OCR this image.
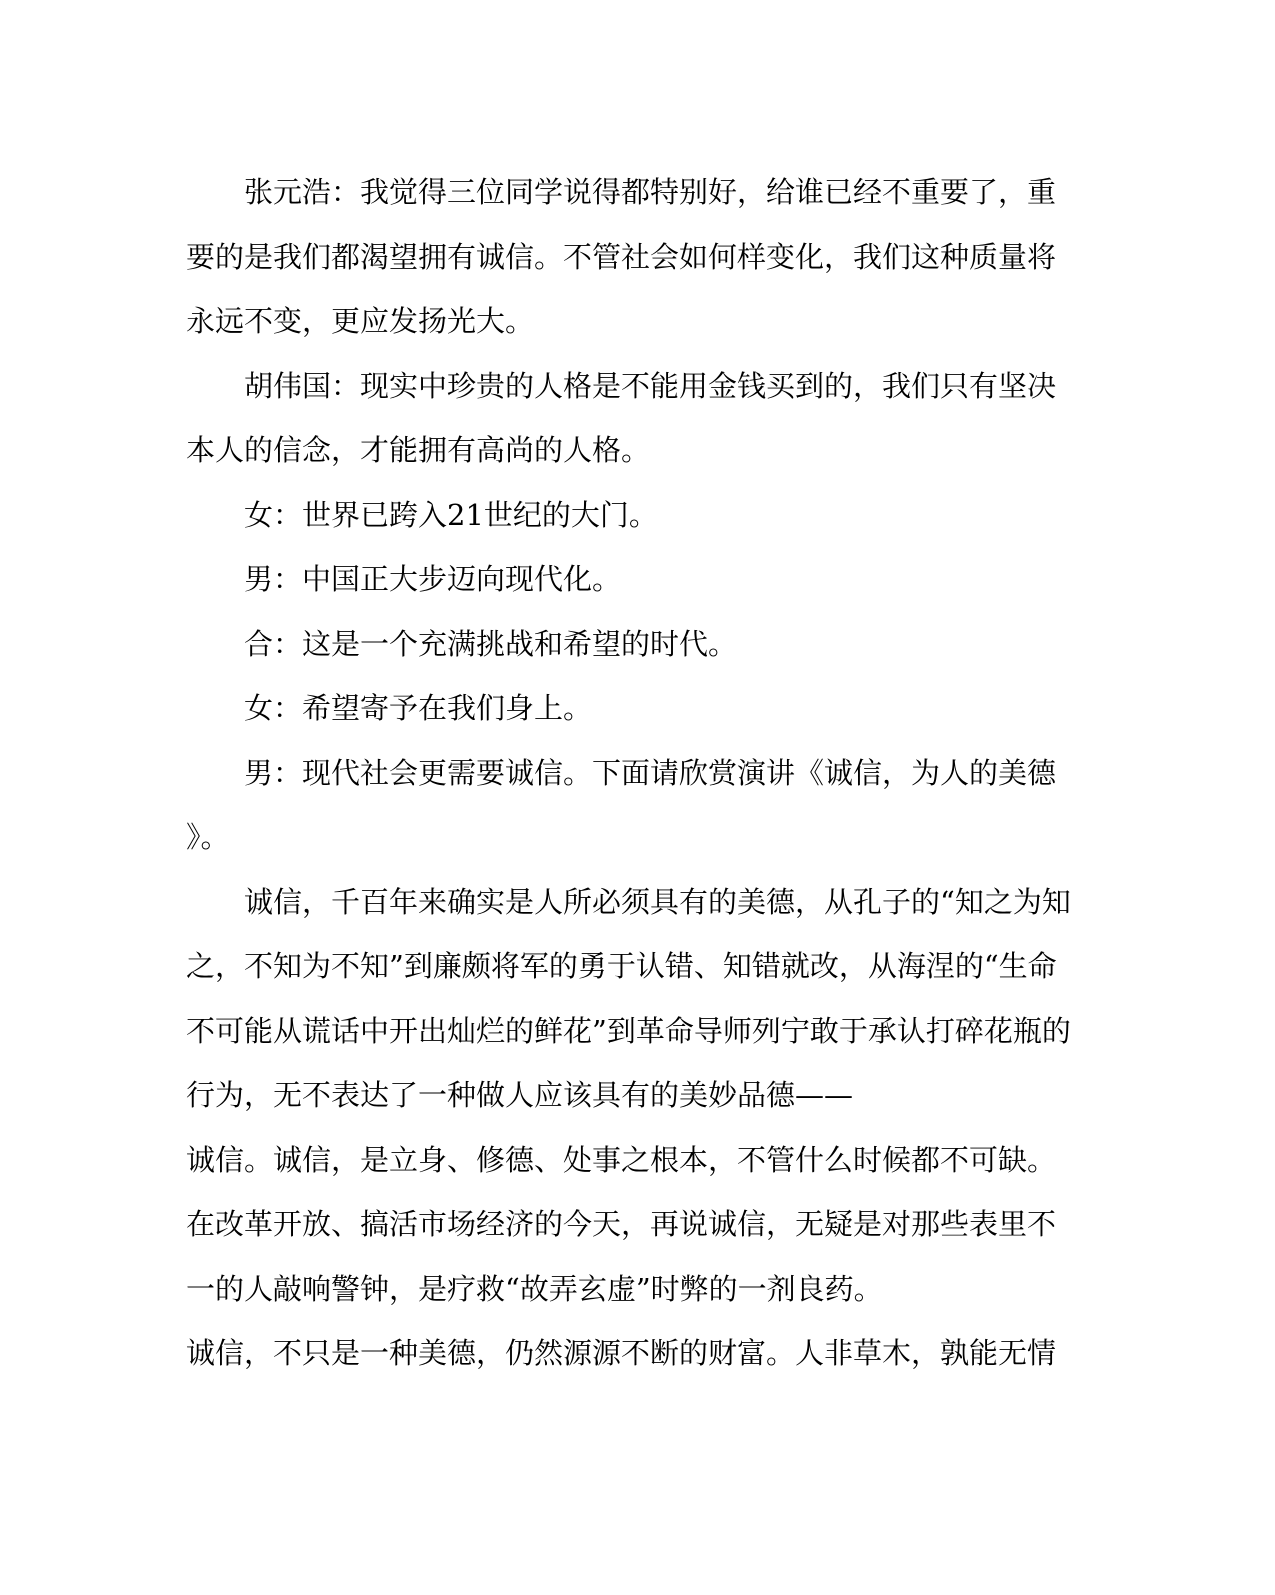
张元浩：我觉得三位同学说得都特别好，给谁已经不重要了，重
要的是我们都渴望拥有诚信。不管社会如何样变化，我们这种质量将
永远不变，更应发扬光大。
胡伟国：现实中珍贵的人格是不能用金钱买到的，我们只有坚决
本人的信念，才能拥有高尚的人格。
女：世界已跨入21世纪的大门。
男：中国正大步迈向现代化。
合：这是一个充满挑战和希望的时代。
女：希望寄予在我们身上。
男：现代社会更需要诚信。下面请欣赏演讲《诚信，为人的美德
》。
诚信，千百年来确实是人所必须具有的美德，从孔子的“知之为知
之，不知为不知”到廉颇将军的勇于认错、知错就改，从海涅的“生命
不可能从谎话中开出灿烂的鲜花”到革命导师列宁敢于承认打碎花瓶的
行为，无不表达了一种做人应该具有的美妙品德——
诚信。诚信，是立身、修德、处事之根本，不管什么时候都不可缺。
在改革开放、搞活市场经济的今天，再说诚信，无疑是对那些表里不
一的人敲响警钟，是疗救“故弄玄虚”时弊的一剂良药。
诚信，不只是一种美德，仍然源源不断的财富。人非草木，孰能无情
